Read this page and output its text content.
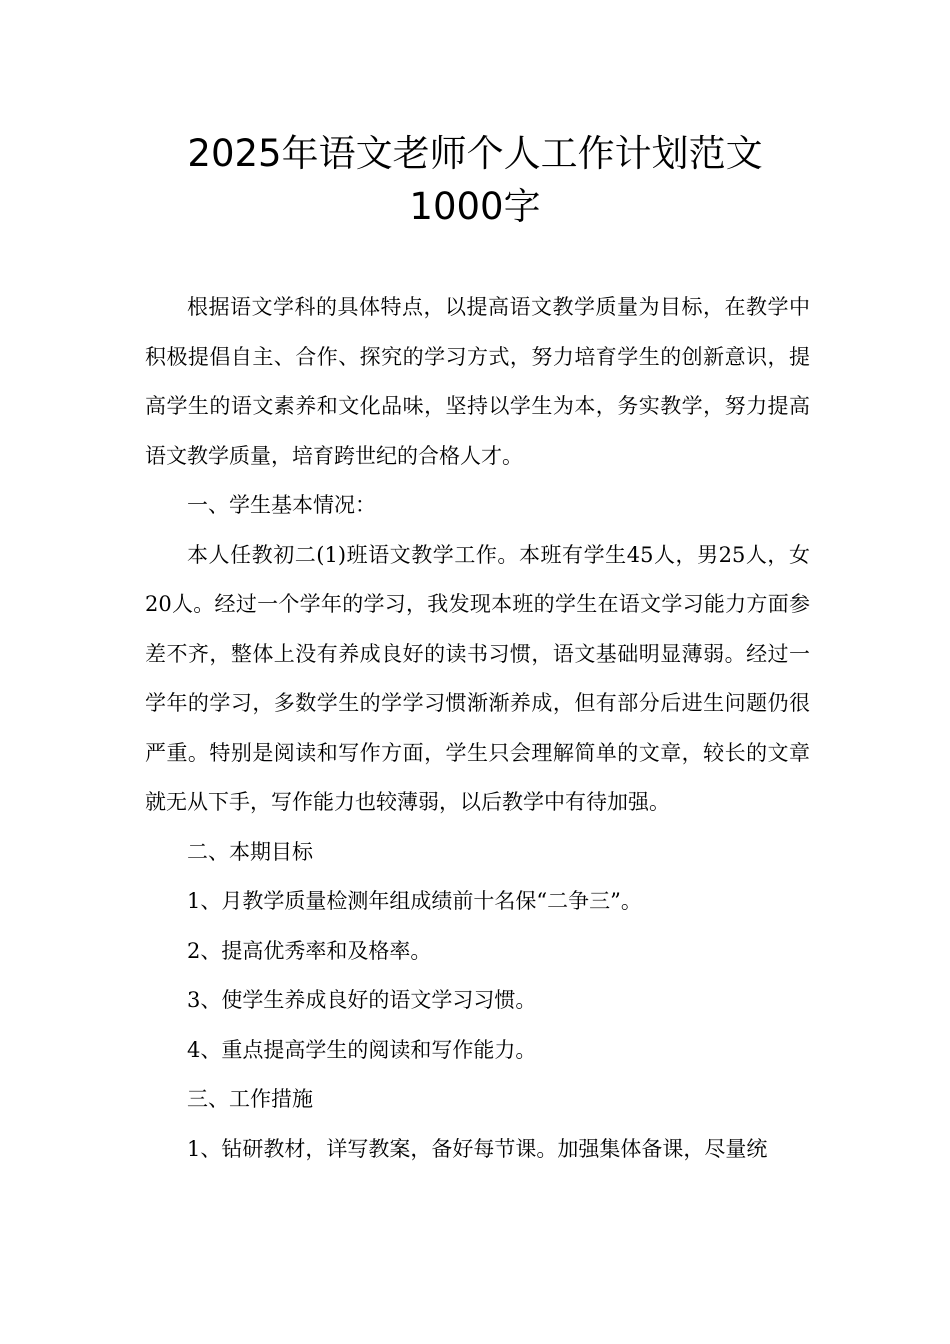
2025年语文老师个人工作计划范文
1000字

根据语文学科的具体特点，以提高语文教学质量为目标，在教学中积极提倡自主、合作、探究的学习方式，努力培育学生的创新意识，提高学生的语文素养和文化品味，坚持以学生为本，务实教学，努力提高语文教学质量，培育跨世纪的合格人才。

一、学生基本情况：

本人任教初二(1)班语文教学工作。本班有学生45人，男25人，女20人。经过一个学年的学习，我发现本班的学生在语文学习能力方面参差不齐，整体上没有养成良好的读书习惯，语文基础明显薄弱。经过一学年的学习，多数学生的学学习惯渐渐养成，但有部分后进生问题仍很严重。特别是阅读和写作方面，学生只会理解简单的文章，较长的文章就无从下手，写作能力也较薄弱，以后教学中有待加强。

二、本期目标

1、月教学质量检测年组成绩前十名保“二争三”。

2、提高优秀率和及格率。

3、使学生养成良好的语文学习习惯。

4、重点提高学生的阅读和写作能力。

三、工作措施

1、钻研教材，详写教案，备好每节课。加强集体备课，尽量统
